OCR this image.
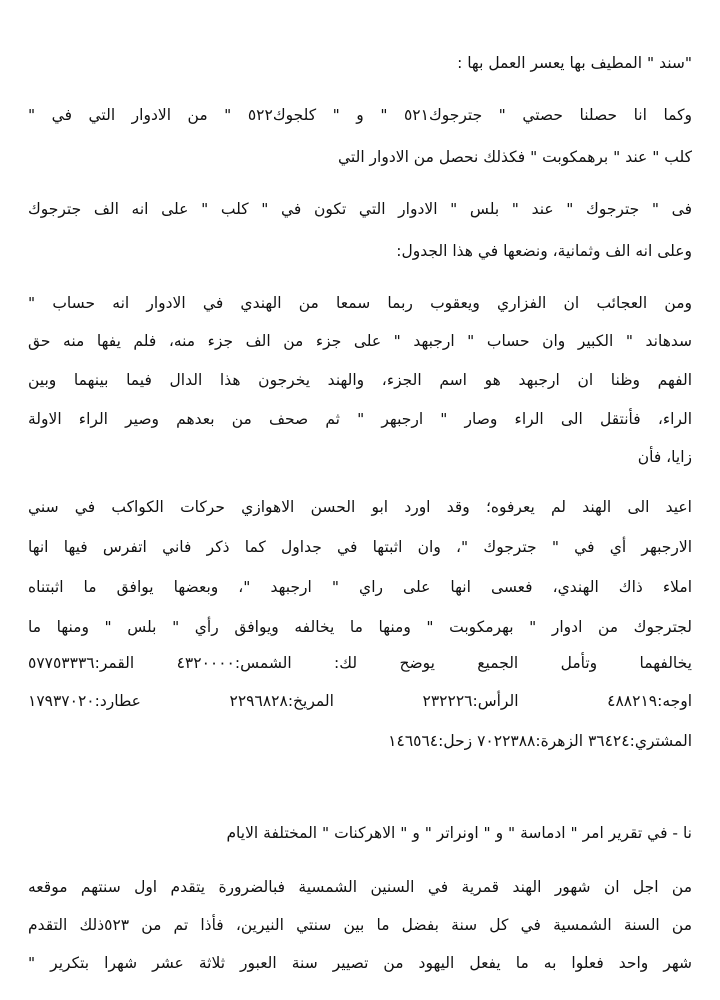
"سند " المطيف بها يعسر العمل بها :
وكما انا حصلنا حصتي " جترجوك٥٢١ " و " كلجوك٥٢٢ " من الادوار التي في "
كلب " عند " برهمكوبت " فكذلك نحصل من الادوار التي
فى " جترجوك " عند " بلس " الادوار التي تكون في " كلب " على انه الف جترجوك
وعلى انه الف وثمانية، ونضعها في هذا الجدول:
ومن العجائب ان الفزاري ويعقوب ربما سمعا من الهندي في الادوار انه حساب "
سدهاند " الكبير وان حساب " ارجبهد " على جزء من الف جزء منه، فلم يفها منه حق
الفهم وظنا ان ارجبهد هو اسم الجزء، والهند يخرجون هذا الدال فيما بينهما وبين
الراء، فأنتقل الى الراء وصار " ارجبهر " ثم صحف من بعدهم وصير الراء الاولة
زايا، فأن
اعيد الى الهند لم يعرفوه؛ وقد اورد ابو الحسن الاهوازي حركات الكواكب في سني
الارجبهر أي في " جترجوك "، وان اثبتها في جداول كما ذكر فاني اتفرس فيها انها
املاء ذاك الهندي، فعسى انها على راي " ارجبهد "، وبعضها يوافق ما اثبتناه
لجترجوك من ادوار " بهرمكوبت " ومنها ما يخالفه ويوافق رأي " بلس " ومنها ما
يخالفهما وتأمل الجميع يوضح لك: الشمس:٤٣٢٠٠٠٠ القمر:٥٧٧٥٣٣٣٦
اوجه:٤٨٨٢١٩ الرأس:٢٣٢٢٢٦ المريخ:٢٢٩٦٨٢٨ عطارد:١٧٩٣٧٠٢٠
المشتري:٣٦٤٢٤ الزهرة:٧٠٢٢٣٨٨ زحل:١٤٦٥٦٤
نا - في تقرير امر " ادماسة " و " اونراتر " و " الاهركنات " المختلفة الايام
من اجل ان شهور الهند قمرية في السنين الشمسية فبالضرورة يتقدم اول سنتهم موقعه
من السنة الشمسية في كل سنة بفضل ما بين سنتي النيرين، فأذا تم من ٥٢٣ذلك التقدم
شهر واحد فعلوا به ما يفعل اليهود من تصيير سنة العبور ثلاثة عشر شهرا بتكرير "
